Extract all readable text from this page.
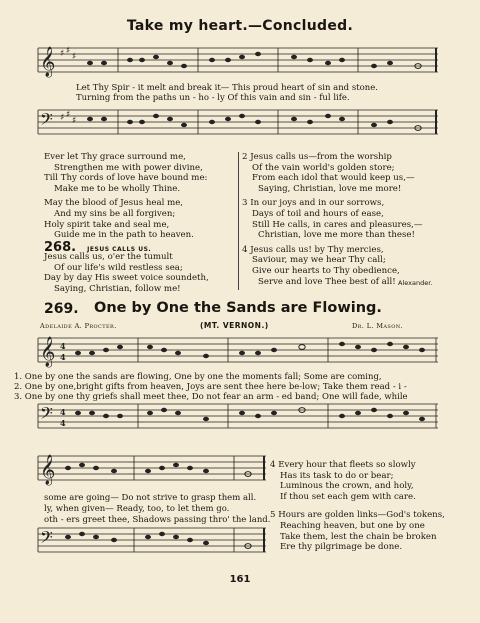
Take my heart.—Concluded.
𝄞 ♯ ♯
♯
Let Thy Spir - it melt and break it— This proud heart of sin and stone.
Turning from the paths un - ho - ly Of this vain and sin - ful life.
𝄢 ♯ ♯
♯
Ever let Thy grace surround me,
Strengthen me with power divine,
Till Thy cords of love have bound me:
Make me to be wholly Thine.
May the blood of Jesus heal me,
And my sins be all forgiven;
Holy spirit take and seal me,
Guide me in the path to heaven.
268. JESUS CALLS US.
Jesus calls us, o'er the tumult
Of our life's wild restless sea;
Day by day His sweet voice soundeth,
Saying, Christian, follow me!
2 Jesus calls us—from the worship
Of the vain world's golden store;
From each idol that would keep us,—
Saying, Christian, love me more!
3 In our joys and in our sorrows,
Days of toil and hours of ease,
Still He calls, in cares and pleasures,—
Christian, love me more than these!
4 Jesus calls us! by Thy mercies,
Saviour, may we hear Thy call;
Give our hearts to Thy obedience,
Serve and love Thee best of all! Alexander.
269. One by One the Sands are Flowing.
Adelaide A. Procter.	(MT. VERNON.)	Dr. L. Mason.
𝄞 4
4
1. One by one the sands are flowing, One by one the moments fall; Some are coming,
2. One by one,bright gifts from heaven, Joys are sent thee here be-low; Take them read - i -
3. One by one thy griefs shall meet thee, Do not fear an arm - ed band; One will fade, while
𝄢 4
4
𝄞
some are going— Do not strive to grasp them all.
ly, when given— Ready, too, to let them go.
oth - ers greet thee, Shadows passing thro' the land.
𝄢
4 Every hour that fleets so slowly
Has its task to do or bear;
Luminous the crown, and holy,
If thou set each gem with care.
5 Hours are golden links—God's tokens,
Reaching heaven, but one by one
Take them, lest the chain be broken
Ere thy pilgrimage be done.
161
